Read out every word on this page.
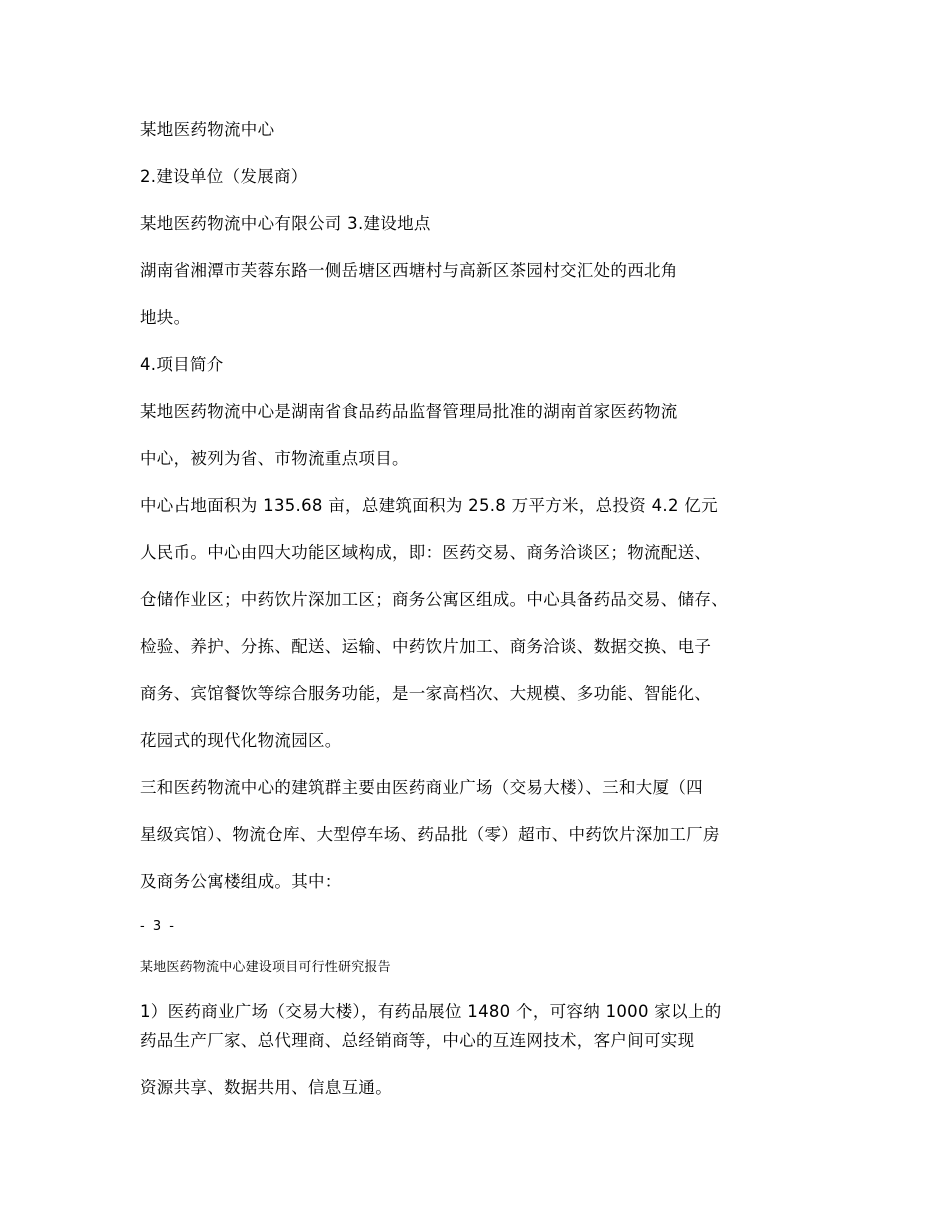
某地医药物流中心
2.建设单位（发展商）
某地医药物流中心有限公司 3.建设地点
湖南省湘潭市芙蓉东路一侧岳塘区西塘村与高新区茶园村交汇处的西北角
地块。
4.项目简介
某地医药物流中心是湖南省食品药品监督管理局批准的湖南首家医药物流
中心，被列为省、市物流重点项目。
中心占地面积为 135.68 亩，总建筑面积为 25.8 万平方米，总投资 4.2 亿元
人民币。中心由四大功能区域构成，即：医药交易、商务洽谈区；物流配送、
仓储作业区；中药饮片深加工区；商务公寓区组成。中心具备药品交易、储存、
检验、养护、分拣、配送、运输、中药饮片加工、商务洽谈、数据交换、电子
商务、宾馆餐饮等综合服务功能，是一家高档次、大规模、多功能、智能化、
花园式的现代化物流园区。
三和医药物流中心的建筑群主要由医药商业广场（交易大楼）、三和大厦（四
星级宾馆）、物流仓库、大型停车场、药品批（零）超市、中药饮片深加工厂房
及商务公寓楼组成。其中：
- 3 -
某地医药物流中心建设项目可行性研究报告
1）医药商业广场（交易大楼），有药品展位 1480 个，可容纳 1000 家以上的
药品生产厂家、总代理商、总经销商等，中心的互连网技术，客户间可实现
资源共享、数据共用、信息互通。
